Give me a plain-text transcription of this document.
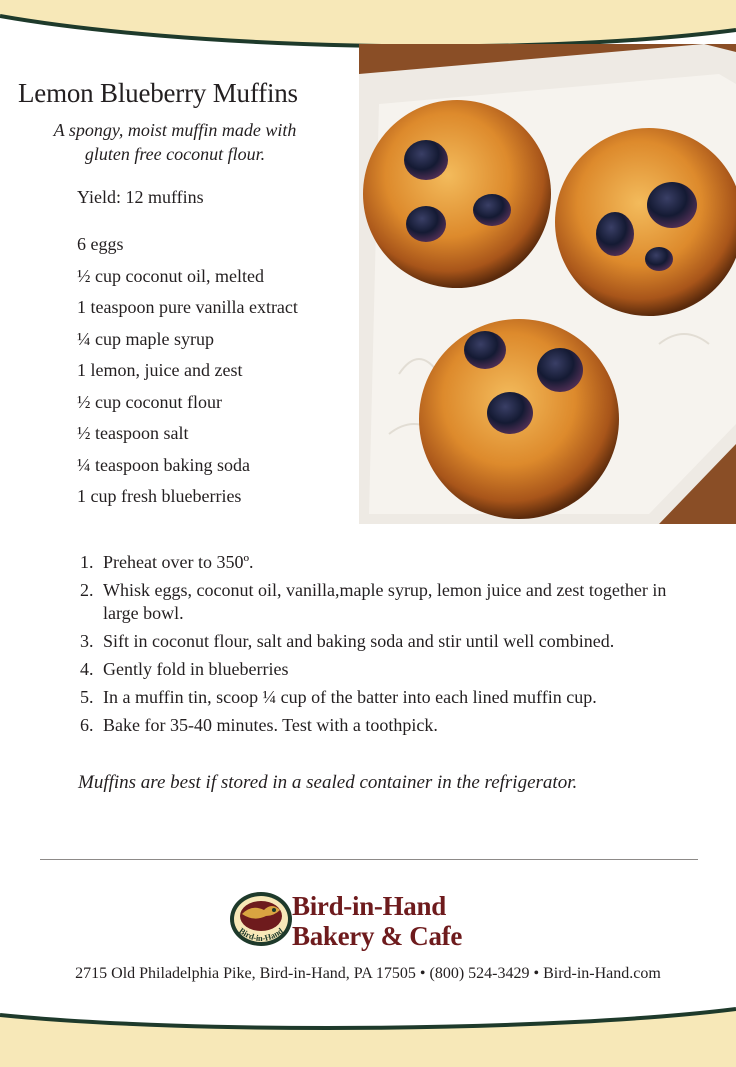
Lemon Blueberry Muffins
A spongy, moist muffin made with
gluten free coconut flour.
Yield: 12 muffins
6 eggs
½ cup coconut oil, melted
1 teaspoon pure vanilla extract
¼ cup maple syrup
1 lemon, juice and zest
½ cup coconut flour
½ teaspoon salt
¼ teaspoon baking soda
1 cup fresh blueberries
1. Preheat over to 350º.
2. Whisk eggs, coconut oil, vanilla,maple syrup, lemon juice and zest together in large bowl.
3. Sift in coconut flour, salt and baking soda and stir until well combined.
4. Gently fold in blueberries
5. In a muffin tin, scoop ¼ cup of the batter into each lined muffin cup.
6. Bake for 35-40 minutes. Test with a toothpick.
Muffins are best if stored in a sealed container in the refrigerator.
Bird-in-Hand
Bird-in-Hand
Bakery & Cafe
2715 Old Philadelphia Pike, Bird-in-Hand, PA 17505 • (800) 524-3429 • Bird-in-Hand.com
